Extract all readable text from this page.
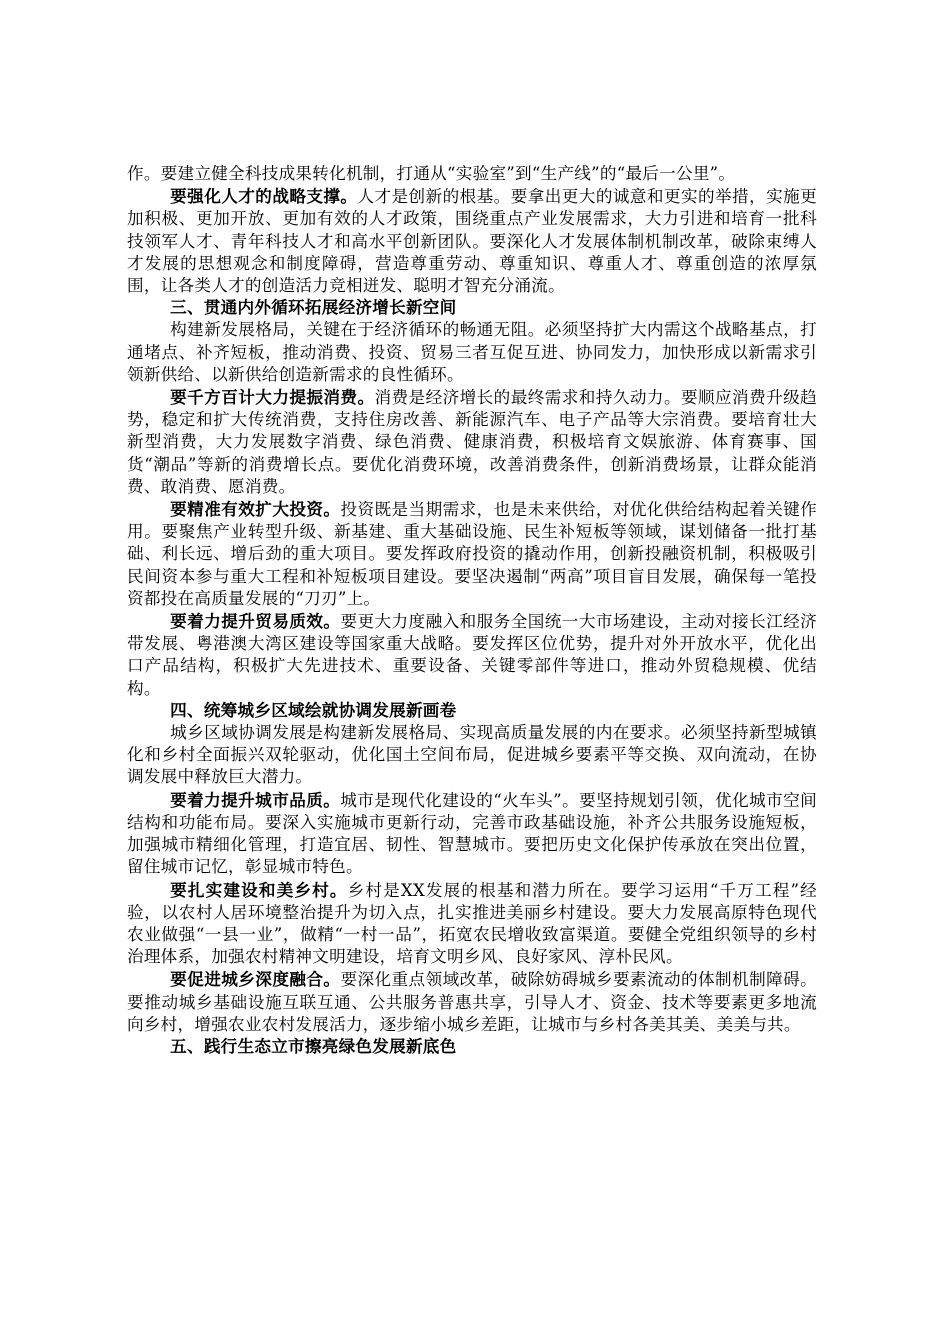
作。要建立健全科技成果转化机制，打通从“实验室”到“生产线”的“最后一公里”。

要强化人才的战略支撑。人才是创新的根基。要拿出更大的诚意和更实的举措，实施更加积极、更加开放、更加有效的人才政策，围绕重点产业发展需求，大力引进和培育一批科技领军人才、青年科技人才和高水平创新团队。要深化人才发展体制机制改革，破除束缚人才发展的思想观念和制度障碍，营造尊重劳动、尊重知识、尊重人才、尊重创造的浓厚氛围，让各类人才的创造活力竞相迸发、聪明才智充分涌流。

三、贯通内外循环拓展经济增长新空间

构建新发展格局，关键在于经济循环的畅通无阻。必须坚持扩大内需这个战略基点，打通堵点、补齐短板，推动消费、投资、贸易三者互促互进、协同发力，加快形成以新需求引领新供给、以新供给创造新需求的良性循环。

要千方百计大力提振消费。消费是经济增长的最终需求和持久动力。要顺应消费升级趋势，稳定和扩大传统消费，支持住房改善、新能源汽车、电子产品等大宗消费。要培育壮大新型消费，大力发展数字消费、绿色消费、健康消费，积极培育文娱旅游、体育赛事、国货“潮品”等新的消费增长点。要优化消费环境，改善消费条件，创新消费场景，让群众能消费、敢消费、愿消费。

要精准有效扩大投资。投资既是当期需求，也是未来供给，对优化供给结构起着关键作用。要聚焦产业转型升级、新基建、重大基础设施、民生补短板等领域，谋划储备一批打基础、利长远、增后劲的重大项目。要发挥政府投资的撬动作用，创新投融资机制，积极吸引民间资本参与重大工程和补短板项目建设。要坚决遏制“两高”项目盲目发展，确保每一笔投资都投在高质量发展的“刀刃”上。

要着力提升贸易质效。要更大力度融入和服务全国统一大市场建设，主动对接长江经济带发展、粤港澳大湾区建设等国家重大战略。要发挥区位优势，提升对外开放水平，优化出口产品结构，积极扩大先进技术、重要设备、关键零部件等进口，推动外贸稳规模、优结构。

四、统筹城乡区域绘就协调发展新画卷

城乡区域协调发展是构建新发展格局、实现高质量发展的内在要求。必须坚持新型城镇化和乡村全面振兴双轮驱动，优化国土空间布局，促进城乡要素平等交换、双向流动，在协调发展中释放巨大潜力。

要着力提升城市品质。城市是现代化建设的“火车头”。要坚持规划引领，优化城市空间结构和功能布局。要深入实施城市更新行动，完善市政基础设施，补齐公共服务设施短板，加强城市精细化管理，打造宜居、韧性、智慧城市。要把历史文化保护传承放在突出位置，留住城市记忆，彰显城市特色。

要扎实建设和美乡村。乡村是XX发展的根基和潜力所在。要学习运用“千万工程”经验，以农村人居环境整治提升为切入点，扎实推进美丽乡村建设。要大力发展高原特色现代农业做强“一县一业”，做精“一村一品”，拓宽农民增收致富渠道。要健全党组织领导的乡村治理体系，加强农村精神文明建设，培育文明乡风、良好家风、淳朴民风。

要促进城乡深度融合。要深化重点领域改革，破除妨碍城乡要素流动的体制机制障碍。要推动城乡基础设施互联互通、公共服务普惠共享，引导人才、资金、技术等要素更多地流向乡村，增强农业农村发展活力，逐步缩小城乡差距，让城市与乡村各美其美、美美与共。

五、践行生态立市擦亮绿色发展新底色
